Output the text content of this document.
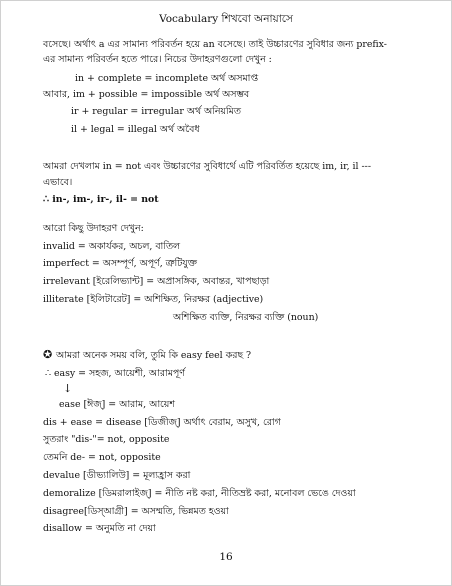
Vocabulary শিখবো অনায়াসে

বসেছে। অর্থাৎ a এর সামান্য পরিবর্তন হয়ে an বসেছে। তাই উচ্চারণের সুবিধার জন্য prefix-

এর সামান্য পরিবর্তন হতে পারে। নিচের উদাহরণগুলো দেখুন :

in + complete = incomplete অর্থ অসমাপ্ত

আবার, im + possible = impossible অর্থ অসম্ভব

ir + regular = irregular অর্থ অনিয়মিত

il + legal = illegal অর্থ অবৈধ

আমরা দেখলাম in = not এবং উচ্চারণের সুবিধার্থে এটি পরিবর্তিত হয়েছে im, ir, il ---

এভাবে।

∴ in-, im-, ir-, il- = not

আরো কিছু উদাহরণ দেখুন:

invalid = অকার্যকর, অচল, বাতিল

imperfect = অসম্পূর্ণ, অপূর্ণ, ত্রুটিযুক্ত

irrelevant [ইরেলিভ্যান্ট] = অপ্রাসঙ্গিক, অবান্তর, খাপছাড়া

illiterate [ইলিটারেট] = অশিক্ষিত, নিরক্ষর (adjective)

অশিক্ষিত ব্যক্তি, নিরক্ষর ব্যক্তি (noun)

✪ আমরা অনেক সময় বলি, তুমি কি easy feel করছ ?

∴ easy = সহজ, আয়েশী, আরামপূর্ণ

↓

ease [ঈজ্‌] = আরাম, আয়েশ

dis + ease = disease [ডিজীজ্‌] অর্থাৎ বেরাম, অসুখ, রোগ

সুতরাং "dis-"= not, opposite

তেমনি de- = not, opposite

devalue [ডীভ্যালিউ] = মূল্যহ্রাস করা

demoralize [ডিমরালাইজ্‌] = নীতি নষ্ট করা, নীতিভ্রষ্ট করা, মনোবল ভেঙে দেওয়া

disagree[ডিস্‌আগ্রী] = অসম্মতি, ভিন্নমত হওয়া

disallow = অনুমতি না দেয়া

16
